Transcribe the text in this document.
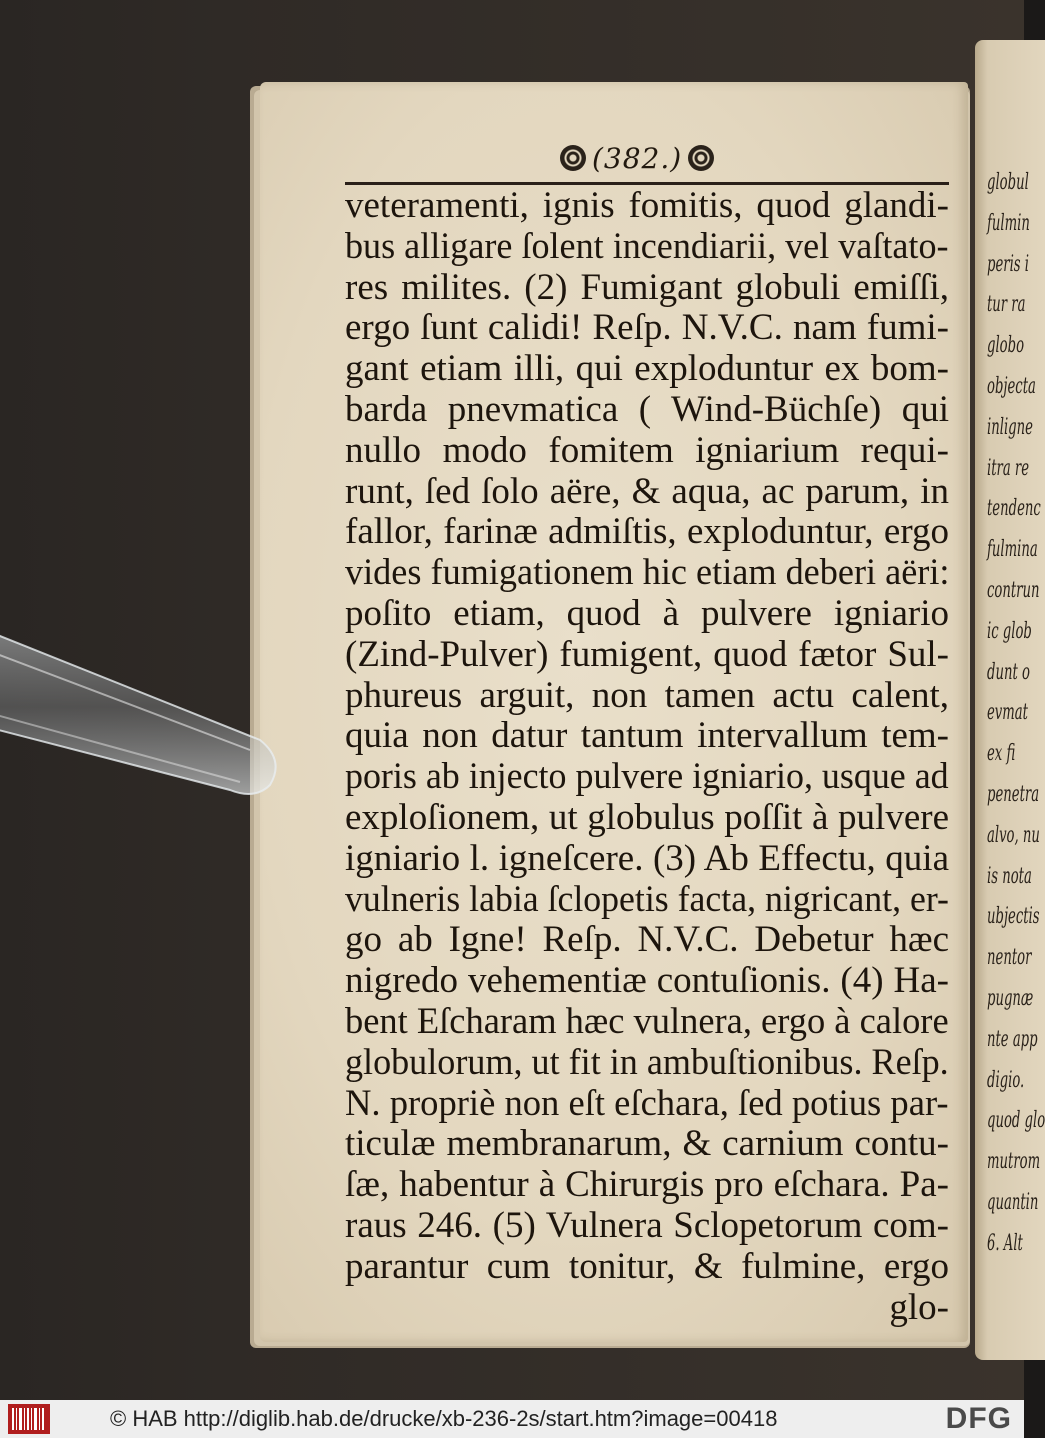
globul
fulmin
peris i
tur ra
globo
objecta
inligne
itra re
tendenc
fulmina
contrun
ic glob
dunt o
evmat
ex fi
penetra
alvo, nu
is nota
ubjectis
nentor
pugnæ
nte app
digio.
quod glo
mutrom
quantin
6. Alt
(382.)
veteramenti, ignis fomitis, quod glandi-
bus alligare ſolent incendiarii, vel vaſtato-
res milites. (2) Fumigant globuli emiſſi,
ergo ſunt calidi! Reſp. N.V.C. nam fumi-
gant etiam illi, qui exploduntur ex bom-
barda pnevmatica ( Wind-Büchſe) qui
nullo modo fomitem igniarium requi-
runt, ſed ſolo aëre, & aqua, ac parum, in
fallor, farinæ admiſtis, exploduntur, ergo
vides fumigationem hic etiam deberi aëri:
poſito etiam, quod à pulvere igniario
(Zind-Pulver) fumigent, quod fætor Sul-
phureus arguit, non tamen actu calent,
quia non datur tantum intervallum tem-
poris ab injecto pulvere igniario, usque ad
exploſionem, ut globulus poſſit à pulvere
igniario l. igneſcere. (3) Ab Effectu, quia
vulneris labia ſclopetis facta, nigricant, er-
go ab Igne! Reſp. N.V.C. Debetur hæc
nigredo vehementiæ contuſionis. (4) Ha-
bent Eſcharam hæc vulnera, ergo à calore
globulorum, ut fit in ambuſtionibus. Reſp.
N. propriè non eſt eſchara, ſed potius par-
ticulæ membranarum, & carnium contu-
ſæ, habentur à Chirurgis pro eſchara. Pa-
raus 246. (5) Vulnera Sclopetorum com-
parantur cum tonitur, & fulmine, ergo
glo-
© HAB http://diglib.hab.de/drucke/xb-236-2s/start.htm?image=00418	DFG
